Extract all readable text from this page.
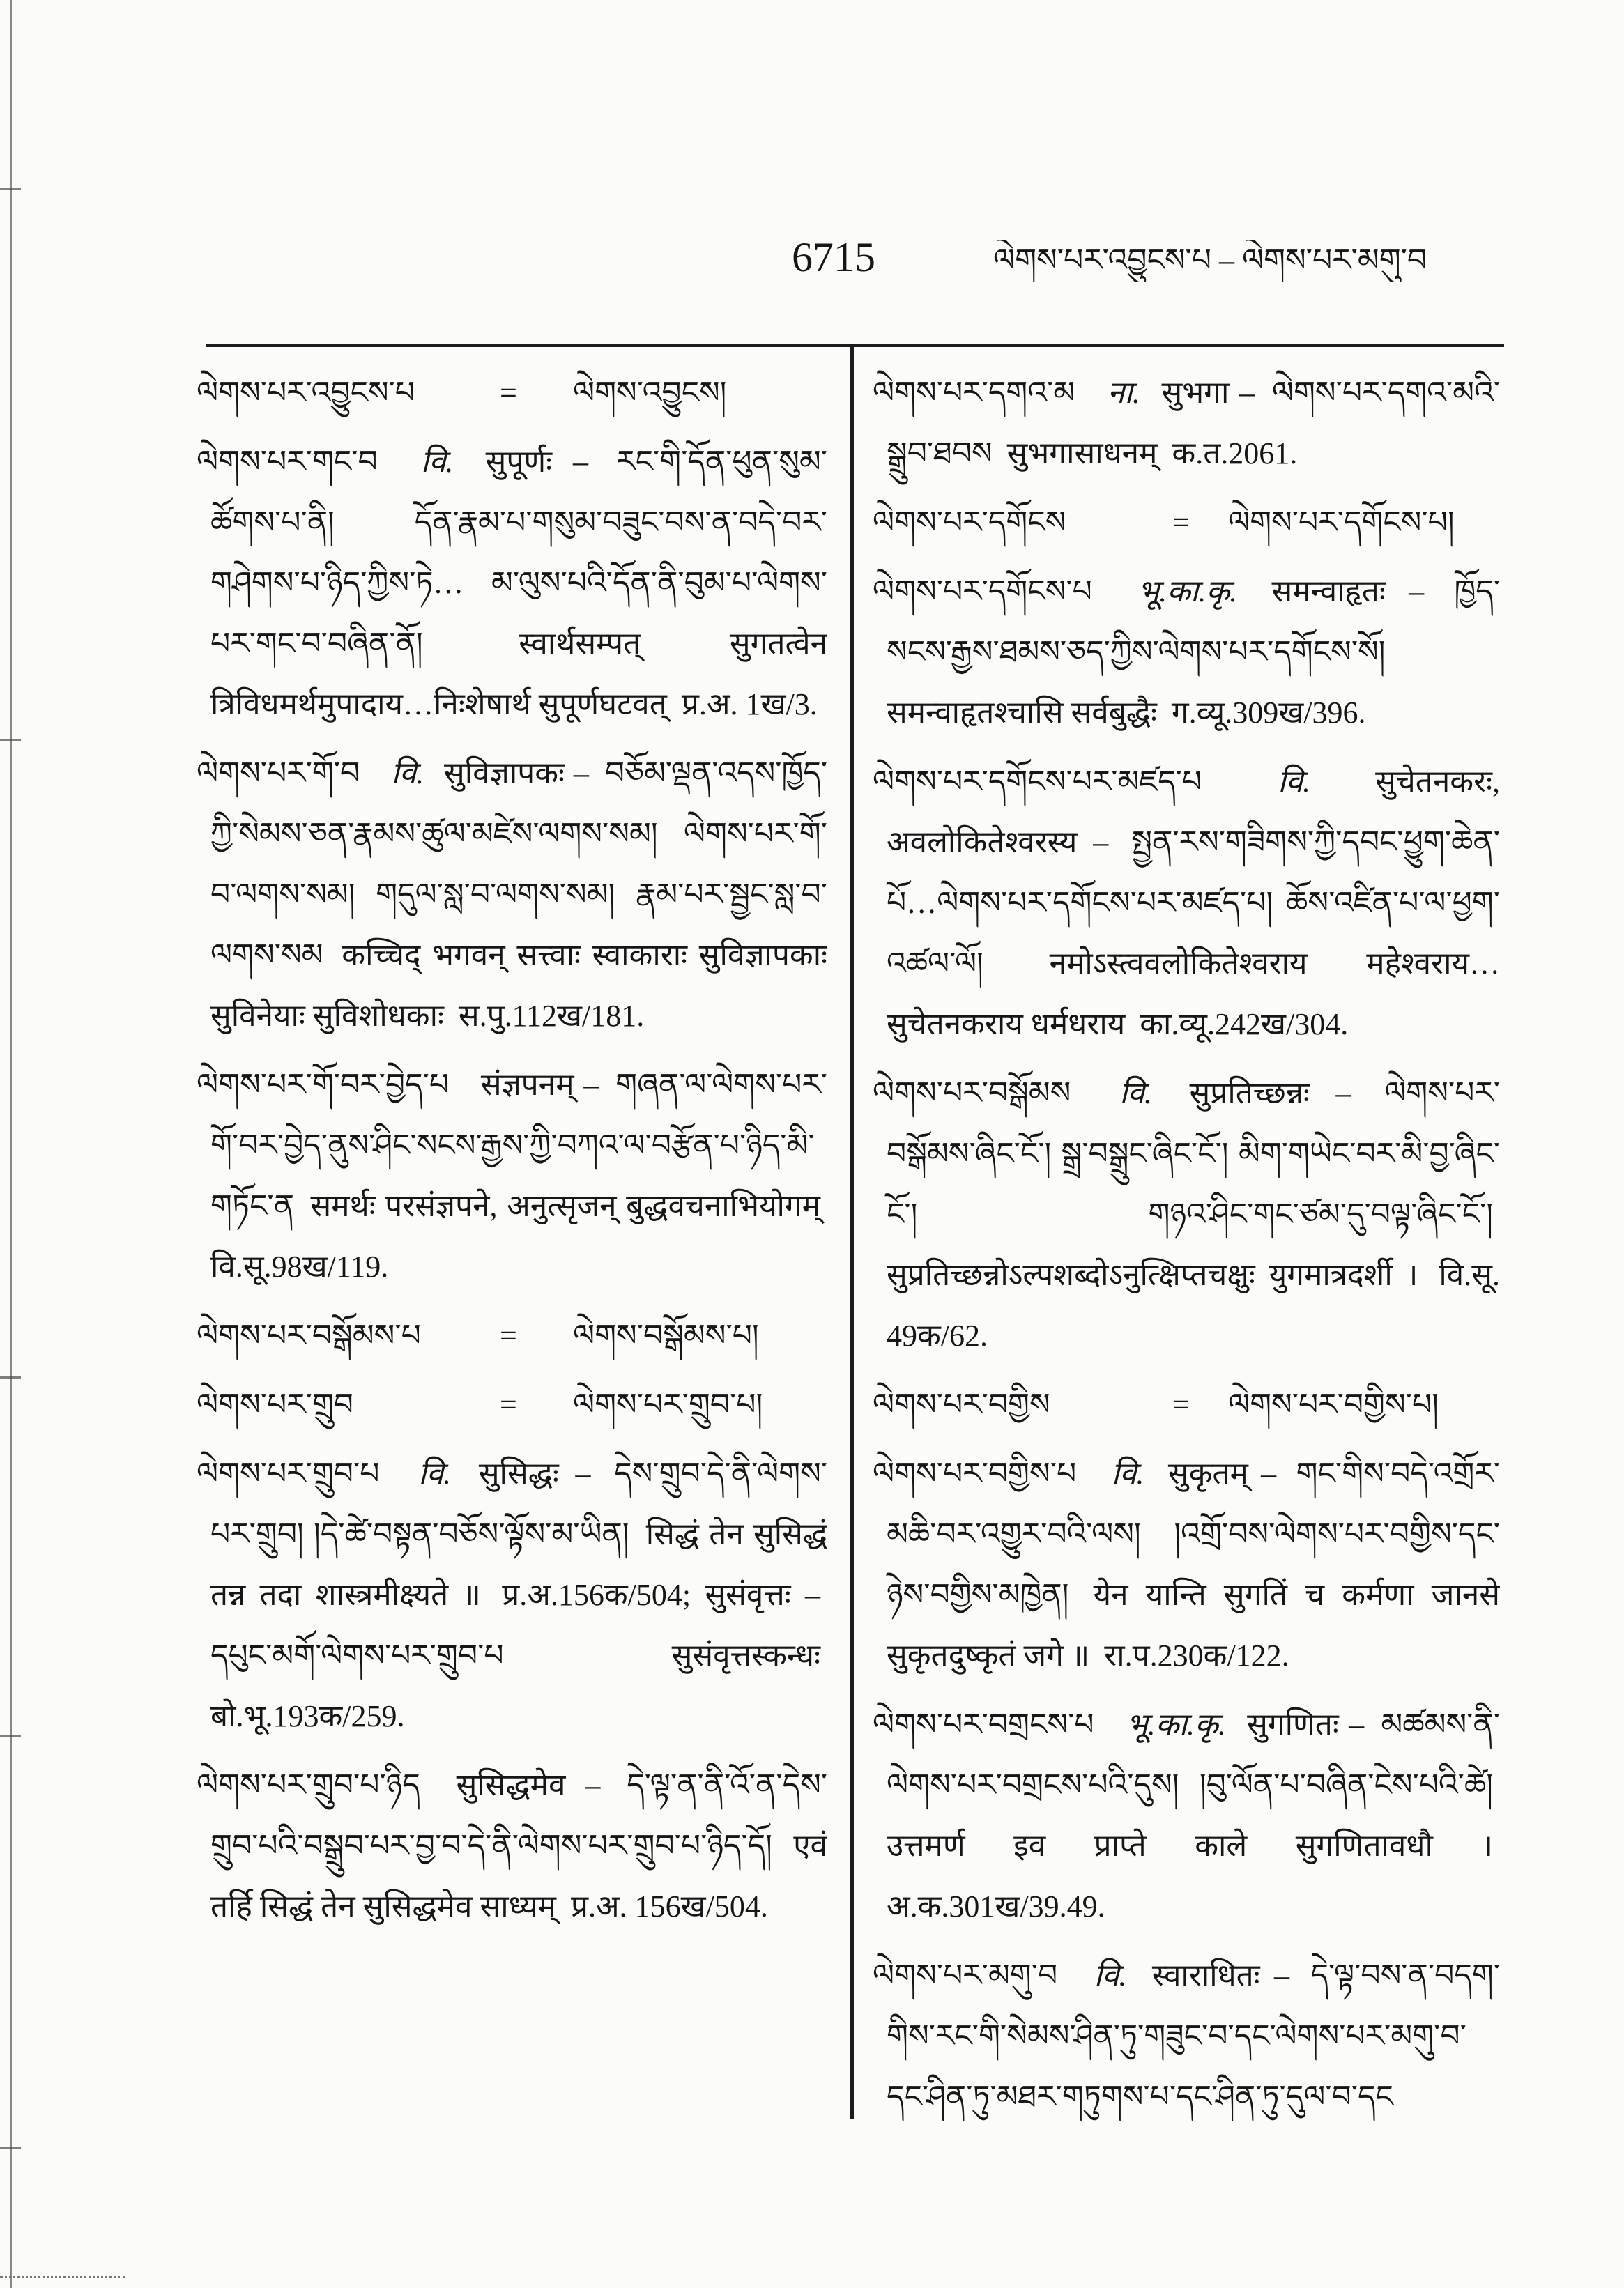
6715	ལེགས་པར་འབྱུངས་པ – ལེགས་པར་མགུ་བ
ལེགས་པར་འབྱུངས་པ	=	ལེགས་འབྱུངས།
ལེགས་པར་གང་བ वि. सुपूर्णः – རང་གི་དོན་ཕུན་སུམ་ཚོགས་པ་ནི། དོན་རྣམ་པ་གསུམ་བཟུང་བས་ན་བདེ་བར་གཤེགས་པ་ཉིད་ཀྱིས་ཏེ… མ་ལུས་པའི་དོན་ནི་བུམ་པ་ལེགས་པར་གང་བ་བཞིན་ནོ།	स्वार्थसम्पत् सुगतत्वेन त्रिविधमर्थमुपादाय…निःशेषार्थ सुपूर्णघटवत् प्र.अ. 1ख/3.
ལེགས་པར་གོ་བ वि. सुविज्ञापकः – བཅོམ་ལྡན་འདས་ཁྱོད་ཀྱི་སེམས་ཅན་རྣམས་ཚུལ་མཛེས་ལགས་སམ། ལེགས་པར་གོ་བ་ལགས་སམ། གདུལ་སླ་བ་ལགས་སམ། རྣམ་པར་སྦྱང་སླ་བ་ལགས་སམ कच्चिद् भगवन् सत्त्वाः स्वाकाराः सुविज्ञापकाः सुविनेयाः सुविशोधकाः स.पु.112ख/181.
ལེགས་པར་གོ་བར་བྱེད་པ संज्ञपनम् – གཞན་ལ་ལེགས་པར་གོ་བར་བྱེད་ནུས་ཤིང་སངས་རྒྱས་ཀྱི་བཀའ་ལ་བརྩོན་པ་ཉིད་མི་གཏོང་ན समर्थः परसंज्ञपने, अनुत्सृजन् बुद्धवचनाभियोगम् वि.सू.98ख/119.
ལེགས་པར་བསྒོམས་པ	=	ལེགས་བསྒོམས་པ།
ལེགས་པར་གྲུབ	=	ལེགས་པར་གྲུབ་པ།
ལེགས་པར་གྲུབ་པ वि. सुसिद्धः – དེས་གྲུབ་དེ་ནི་ལེགས་པར་གྲུབ། །དེ་ཚེ་བསྟན་བཅོས་ལྟོས་མ་ཡིན། सिद्धं तेन सुसिद्धं तन्न तदा शास्त्रमीक्ष्यते ॥ प्र.अ.156क/504; सुसंवृत्तः – དཔུང་མགོ་ལེགས་པར་གྲུབ་པ	सुसंवृत्तस्कन्धः बो.भू.193क/259.
ལེགས་པར་གྲུབ་པ་ཉིད सुसिद्धमेव – དེ་ལྟ་ན་ནི་འོ་ན་དེས་གྲུབ་པའི་བསྒྲུབ་པར་བྱ་བ་དེ་ནི་ལེགས་པར་གྲུབ་པ་ཉིད་དོ། एवं तर्हि सिद्धं तेन सुसिद्धमेव साध्यम् प्र.अ. 156ख/504.
ལེགས་པར་དགའ་མ ना. सुभगा – ལེགས་པར་དགའ་མའི་སྒྲུབ་ཐབས सुभगासाधनम् क.त.2061.
ལེགས་པར་དགོངས	=	ལེགས་པར་དགོངས་པ།
ལེགས་པར་དགོངས་པ भू.का.कृ. समन्वाहृतः – ཁྱོད་སངས་རྒྱས་ཐམས་ཅད་ཀྱིས་ལེགས་པར་དགོངས་སོ། समन्वाहृतश्चासि सर्वबुद्धैः ग.व्यू.309ख/396.
ལེགས་པར་དགོངས་པར་མཛད་པ वि. सुचेतनकरः, अवलोकितेश्वरस्य – སྤྱན་རས་གཟིགས་ཀྱི་དབང་ཕྱུག་ཆེན་པོ…ལེགས་པར་དགོངས་པར་མཛད་པ། ཆོས་འཛིན་པ་ལ་ཕྱག་འཚལ་ལོ། नमोऽस्त्ववलोकितेश्वराय महेश्वराय…सुचेतनकराय धर्मधराय का.व्यू.242ख/304.
ལེགས་པར་བསྒོམས वि. सुप्रतिच्छन्नः – ལེགས་པར་བསྒོམས་ཞིང་ངོ་། སྒྲ་བསྒྲུང་ཞིང་ངོ་། མིག་གཡེང་བར་མི་བྱ་ཞིང་ངོ་། གཉའ་ཤིང་གང་ཙམ་དུ་བལྟ་ཞིང་ངོ་། सुप्रतिच्छन्नोऽल्पशब्दोऽनुत्क्षिप्तचक्षुः युगमात्रदर्शी । वि.सू. 49क/62.
ལེགས་པར་བགྱིས	=	ལེགས་པར་བགྱིས་པ།
ལེགས་པར་བགྱིས་པ वि. सुकृतम् – གང་གིས་བདེ་འགྲོར་མཆི་བར་འགྱུར་བའི་ལས། །འགྲོ་བས་ལེགས་པར་བགྱིས་དང་ཉེས་བགྱིས་མཁྱེན། येन यान्ति सुगतिं च कर्मणा जानसे सुकृतदुष्कृतं जगे ॥ रा.प.230क/122.
ལེགས་པར་བགྲངས་པ भू.का.कृ. सुगणितः – མཚམས་ནི་ལེགས་པར་བགྲངས་པའི་དུས། །བུ་ལོན་པ་བཞིན་ངེས་པའི་ཚེ། उत्तमर्ण इव प्राप्ते काले सुगणितावधौ । अ.क.301ख/39.49.
ལེགས་པར་མགུ་བ वि. स्वाराधितः – དེ་ལྟ་བས་ན་བདག་གིས་རང་གི་སེམས་ཤིན་ཏུ་གཟུང་བ་དང་ལེགས་པར་མགུ་བ་དང་ཤིན་ཏུ་མཐར་གཏུགས་པ་དང་ཤིན་ཏུ་དུལ་བ་དང
